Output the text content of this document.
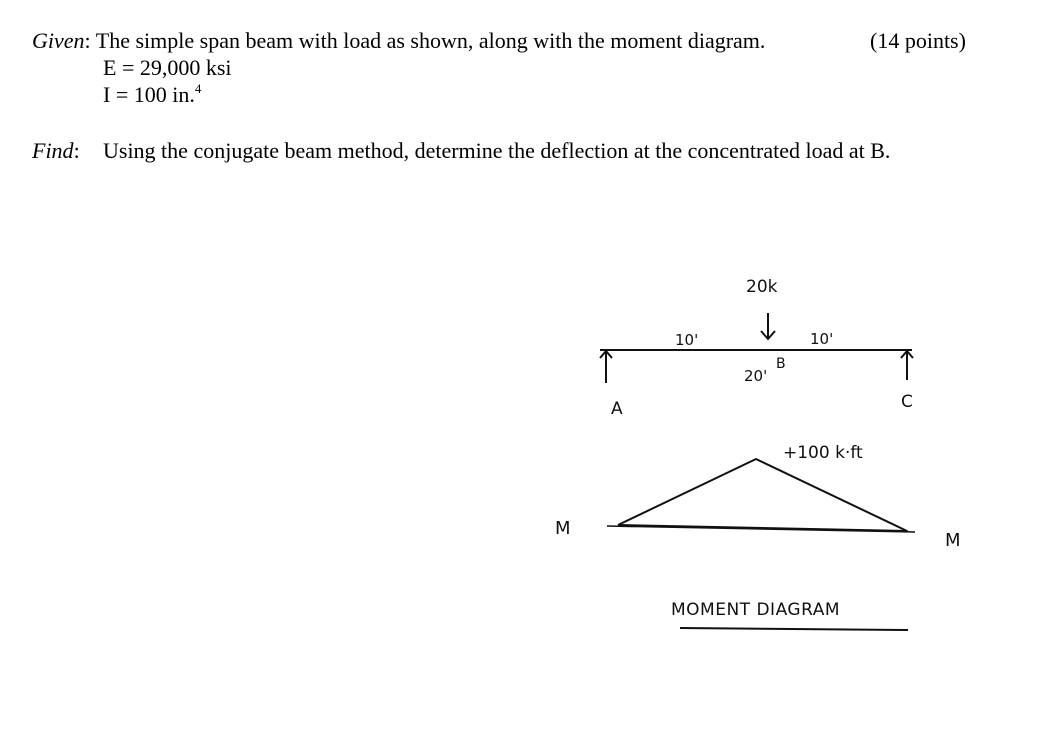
Given: The simple span beam with load as shown, along with the moment diagram.	(14 points)
E = 29,000 ksi
I = 100 in.$^4$
Find: Using the conjugate beam method, determine the deflection at the concentrated load at B.
20k
10'	10'
20'
B
A	C
+100 k·ft
M
M
MOMENT DIAGRAM
